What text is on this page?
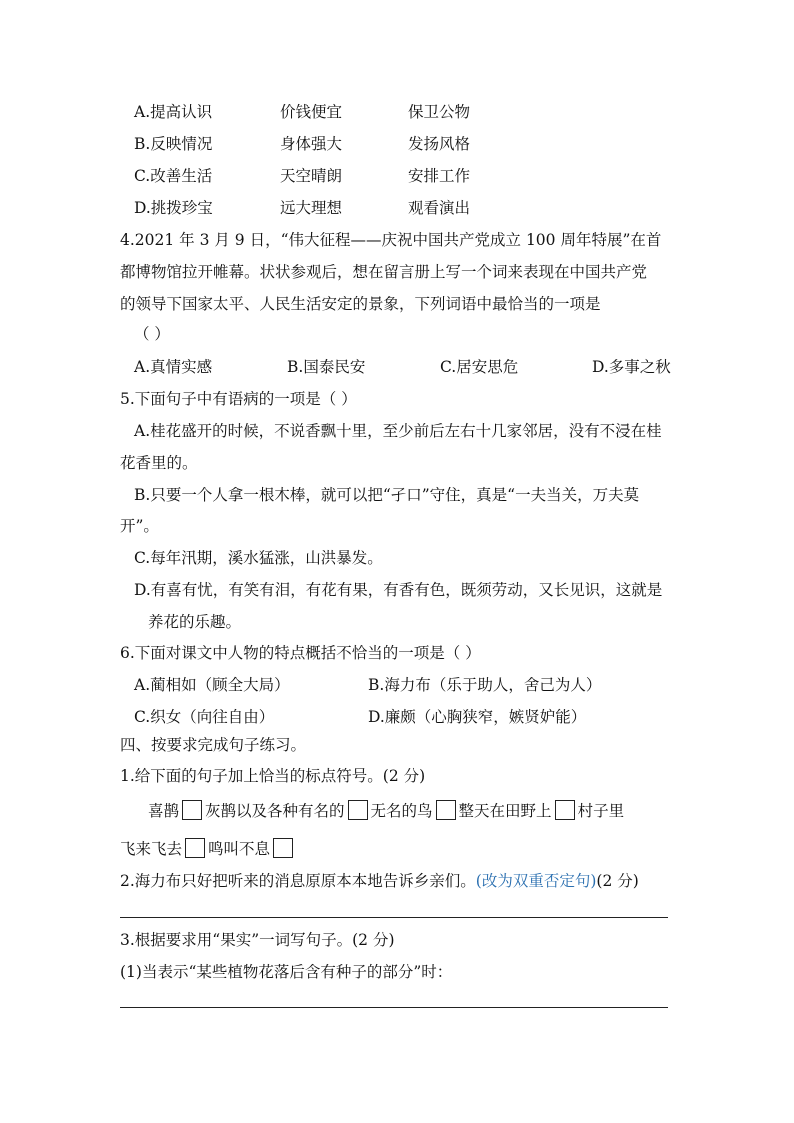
A.提高认识	价钱便宜	保卫公物
B.反映情况	身体强大	发扬风格
C.改善生活	天空晴朗	安排工作
D.挑拨珍宝	远大理想	观看演出
4.2021 年 3 月 9 日，“伟大征程——庆祝中国共产党成立 100 周年特展”在首
都博物馆拉开帷幕。状状参观后，想在留言册上写一个词来表现在中国共产党
的领导下国家太平、人民生活安定的景象，下列词语中最恰当的一项是
（ ）
A.真情实感	B.国泰民安	C.居安思危	D.多事之秋
5.下面句子中有语病的一项是（ ）
A.桂花盛开的时候，不说香飘十里，至少前后左右十几家邻居，没有不浸在桂
花香里的。
B.只要一个人拿一根木棒，就可以把“孑口”守住，真是“一夫当关，万夫莫
开”。
C.每年汛期，溪水猛涨，山洪暴发。
D.有喜有忧，有笑有泪，有花有果，有香有色，既须劳动，又长见识，这就是
养花的乐趣。
6.下面对课文中人物的特点概括不恰当的一项是（ ）
A.蔺相如（顾全大局）	B.海力布（乐于助人，舍己为人）
C.织女（向往自由）	D.廉颇（心胸狭窄，嫉贤妒能）
四、按要求完成句子练习。
1.给下面的句子加上恰当的标点符号。(2 分)
喜鹊 灰鹊以及各种有名的 无名的鸟 整天在田野上 村子里
飞来飞去 鸣叫不息
2.海力布只好把听来的消息原原本本地告诉乡亲们。(改为双重否定句)(2 分)
3.根据要求用“果实”一词写句子。(2 分)
(1)当表示“某些植物花落后含有种子的部分”时：
